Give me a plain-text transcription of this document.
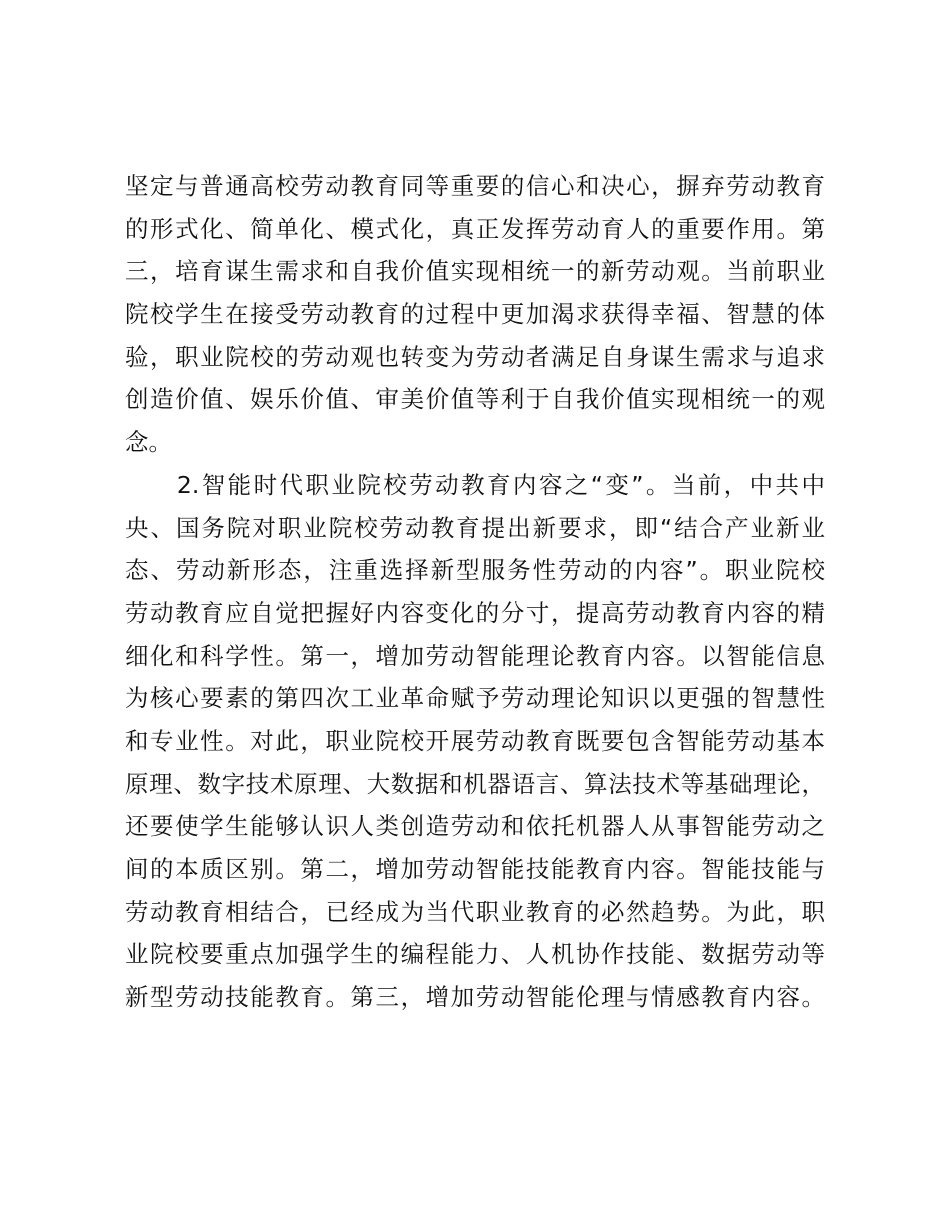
坚定与普通高校劳动教育同等重要的信心和决心，摒弃劳动教育
的形式化、简单化、模式化，真正发挥劳动育人的重要作用。第
三，培育谋生需求和自我价值实现相统一的新劳动观。当前职业
院校学生在接受劳动教育的过程中更加渴求获得幸福、智慧的体
验，职业院校的劳动观也转变为劳动者满足自身谋生需求与追求
创造价值、娱乐价值、审美价值等利于自我价值实现相统一的观
念。
　　2.智能时代职业院校劳动教育内容之“变”。当前，中共中
央、国务院对职业院校劳动教育提出新要求，即“结合产业新业
态、劳动新形态，注重选择新型服务性劳动的内容”。职业院校
劳动教育应自觉把握好内容变化的分寸，提高劳动教育内容的精
细化和科学性。第一，增加劳动智能理论教育内容。以智能信息
为核心要素的第四次工业革命赋予劳动理论知识以更强的智慧性
和专业性。对此，职业院校开展劳动教育既要包含智能劳动基本
原理、数字技术原理、大数据和机器语言、算法技术等基础理论，
还要使学生能够认识人类创造劳动和依托机器人从事智能劳动之
间的本质区别。第二，增加劳动智能技能教育内容。智能技能与
劳动教育相结合，已经成为当代职业教育的必然趋势。为此，职
业院校要重点加强学生的编程能力、人机协作技能、数据劳动等
新型劳动技能教育。第三，增加劳动智能伦理与情感教育内容。
